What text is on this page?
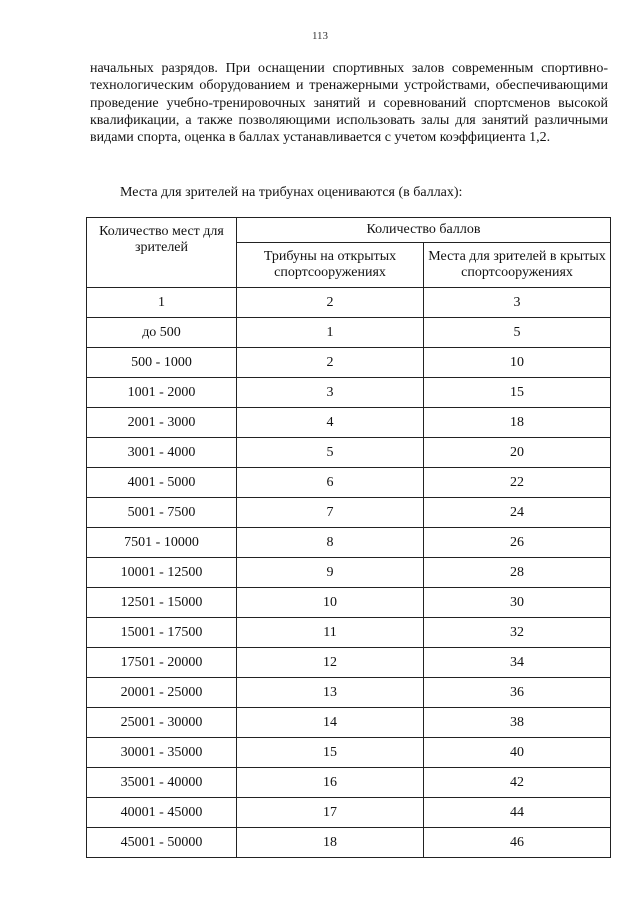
113

начальных разрядов. При оснащении спортивных залов современным спортивно-технологическим оборудованием и тренажерными устройствами, обеспечивающими проведение учебно-тренировочных занятий и соревнований спортсменов высокой квалификации, а также позволяющими использовать залы для занятий различными видами спорта, оценка в баллах устанавливается с учетом коэффициента 1,2.

Места для зрителей на трибунах оцениваются (в баллах):

Количество мест для зрителей	Количество баллов	
	Трибуны на открытых спортсооружениях	Места для зрителей в крытых спортсооружениях
1	2	3
до 500	1	5
500 - 1000	2	10
1001 - 2000	3	15
2001 - 3000	4	18
3001 - 4000	5	20
4001 - 5000	6	22
5001 - 7500	7	24
7501 - 10000	8	26
10001 - 12500	9	28
12501 - 15000	10	30
15001 - 17500	11	32
17501 - 20000	12	34
20001 - 25000	13	36
25001 - 30000	14	38
30001 - 35000	15	40
35001 - 40000	16	42
40001 - 45000	17	44
45001 - 50000	18	46
